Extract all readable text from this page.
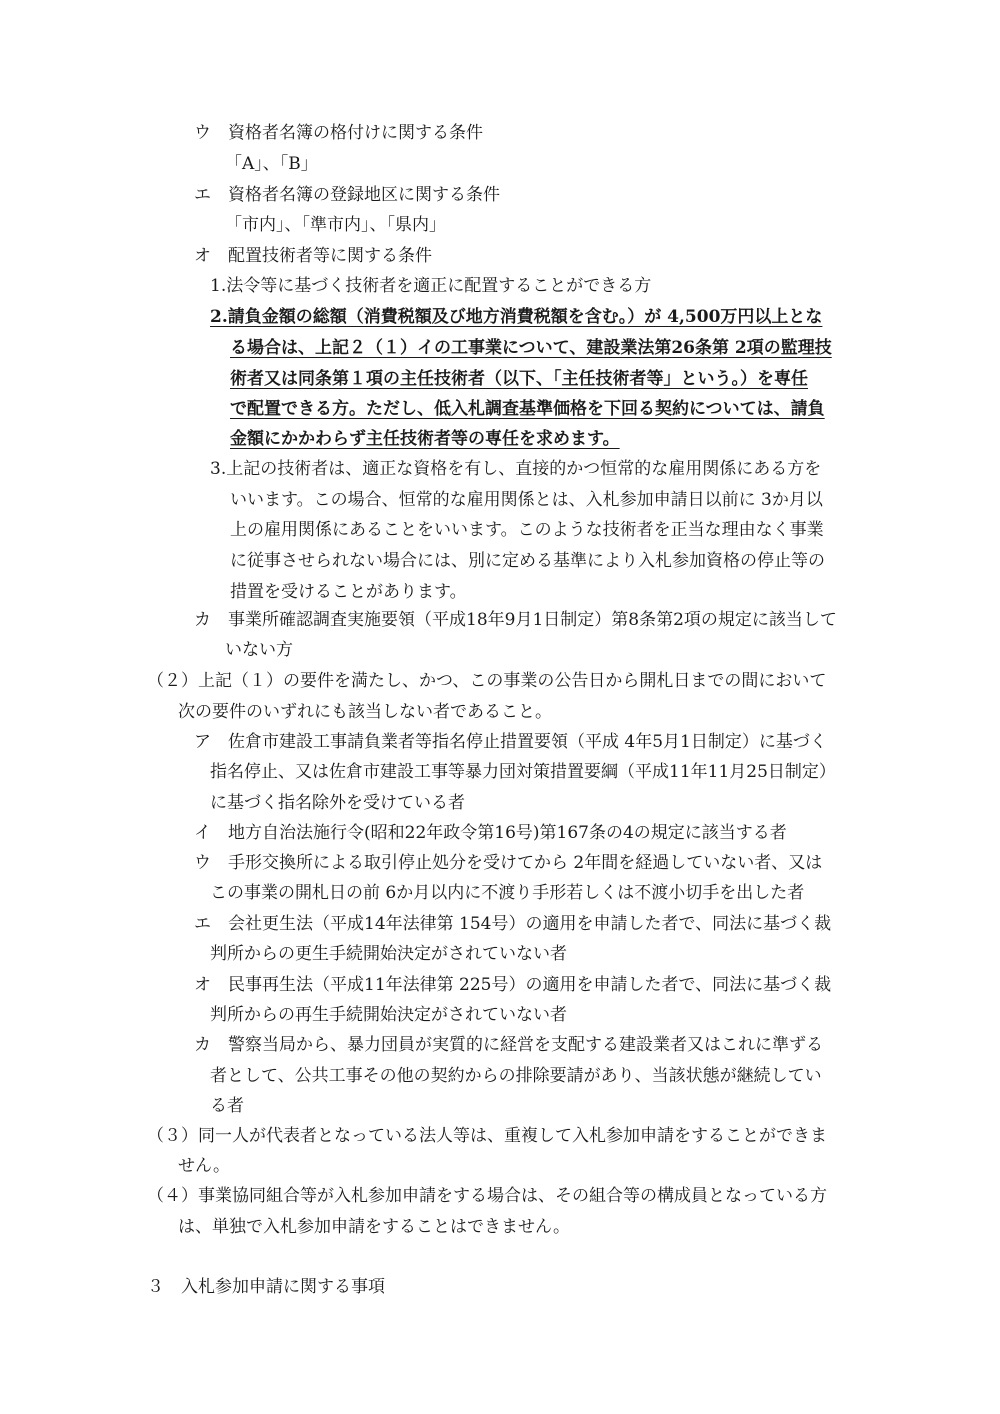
ウ　資格者名簿の格付けに関する条件
「A」、「B」
エ　資格者名簿の登録地区に関する条件
「市内」、「準市内」、「県内」
オ　配置技術者等に関する条件
1.法令等に基づく技術者を適正に配置することができる方
2.請負金額の総額（消費税額及び地方消費税額を含む。）が 4,500万円以上とな
る場合は、上記２（１）イの工事業について、建設業法第26条第 2項の監理技
術者又は同条第１項の主任技術者（以下、「主任技術者等」という。）を専任
で配置できる方。ただし、低入札調査基準価格を下回る契約については、請負
金額にかかわらず主任技術者等の専任を求めます。
3.上記の技術者は、適正な資格を有し、直接的かつ恒常的な雇用関係にある方を
いいます。この場合、恒常的な雇用関係とは、入札参加申請日以前に 3か月以
上の雇用関係にあることをいいます。このような技術者を正当な理由なく事業
に従事させられない場合には、別に定める基準により入札参加資格の停止等の
措置を受けることがあります。
カ　事業所確認調査実施要領（平成18年9月1日制定）第8条第2項の規定に該当して
いない方
（２）上記（１）の要件を満たし、かつ、この事業の公告日から開札日までの間において
次の要件のいずれにも該当しない者であること。
ア　佐倉市建設工事請負業者等指名停止措置要領（平成 4年5月1日制定）に基づく
指名停止、又は佐倉市建設工事等暴力団対策措置要綱（平成11年11月25日制定）
に基づく指名除外を受けている者
イ　地方自治法施行令(昭和22年政令第16号)第167条の4の規定に該当する者
ウ　手形交換所による取引停止処分を受けてから 2年間を経過していない者、又は
この事業の開札日の前 6か月以内に不渡り手形若しくは不渡小切手を出した者
エ　会社更生法（平成14年法律第 154号）の適用を申請した者で、同法に基づく裁
判所からの更生手続開始決定がされていない者
オ　民事再生法（平成11年法律第 225号）の適用を申請した者で、同法に基づく裁
判所からの再生手続開始決定がされていない者
カ　警察当局から、暴力団員が実質的に経営を支配する建設業者又はこれに準ずる
者として、公共工事その他の契約からの排除要請があり、当該状態が継続してい
る者
（３）同一人が代表者となっている法人等は、重複して入札参加申請をすることができま
せん。
（４）事業協同組合等が入札参加申請をする場合は、その組合等の構成員となっている方
は、単独で入札参加申請をすることはできません。
３　入札参加申請に関する事項
